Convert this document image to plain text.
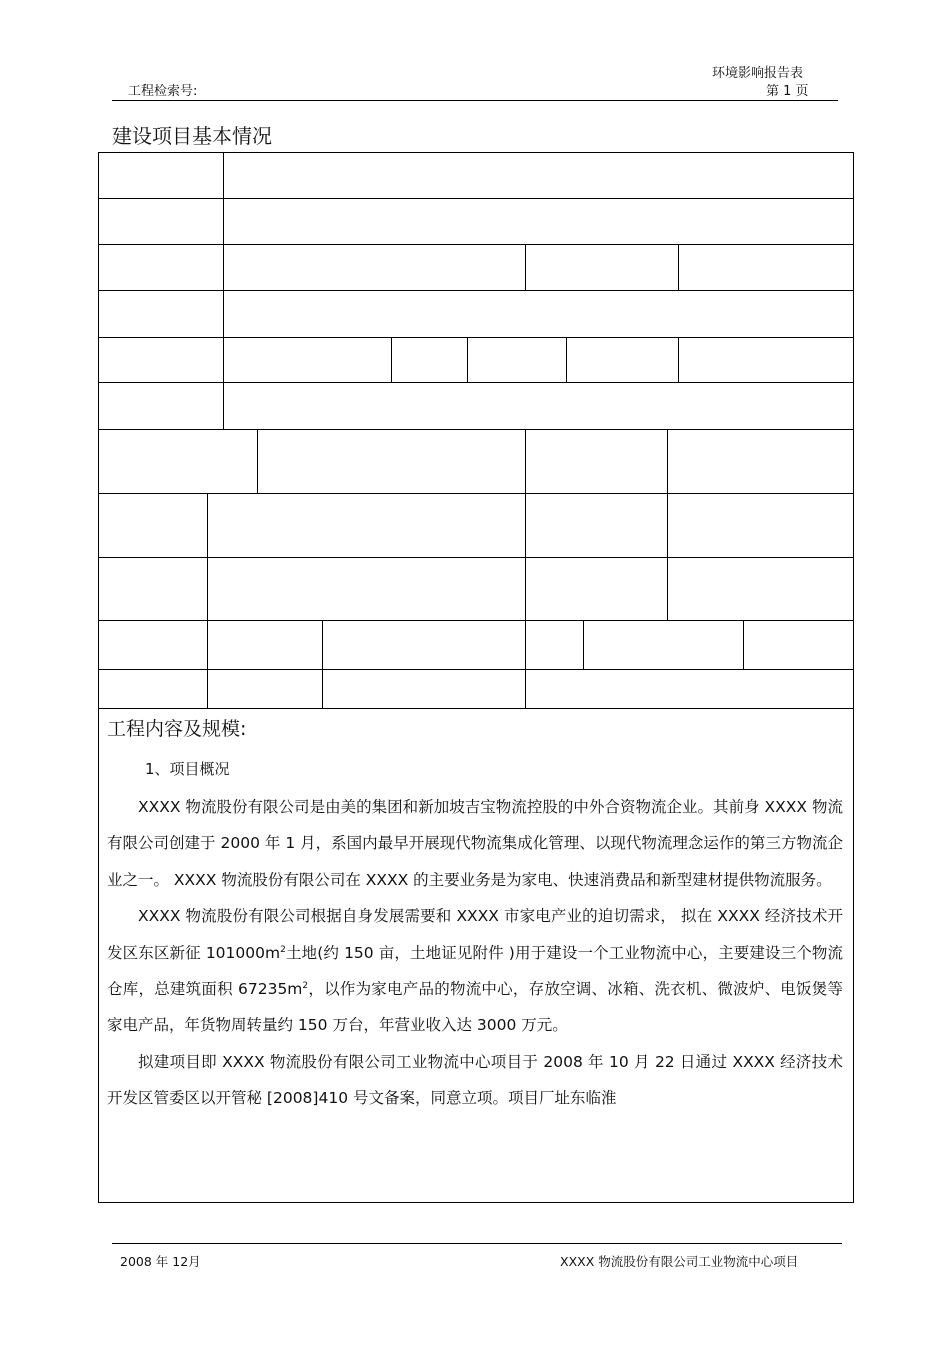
环境影响报告表
工程检索号:	第 1 页
建设项目基本情况
工程内容及规模:
1、项目概况

XXXX 物流股份有限公司是由美的集团和新加坡吉宝物流控股的中外合资物流企业。其前身 XXXX 物流有限公司创建于 2000 年 1 月，系国内最早开展现代物流集成化管理、以现代物流理念运作的第三方物流企业之一。 XXXX 物流股份有限公司在 XXXX 的主要业务是为家电、快速消费品和新型建材提供物流服务。

XXXX 物流股份有限公司根据自身发展需要和 XXXX 市家电产业的迫切需求， 拟在 XXXX 经济技术开发区东区新征 $101000m^2$土地(约 150 亩，土地证见附件 )用于建设一个工业物流中心，主要建设三个物流仓库，总建筑面积 $67235m^2$，以作为家电产品的物流中心，存放空调、冰箱、洗衣机、微波炉、电饭煲等家电产品，年货物周转量约 150 万台，年营业收入达 3000 万元。

拟建项目即 XXXX 物流股份有限公司工业物流中心项目于 2008 年 10 月 22 日通过 XXXX 经济技术开发区管委区以开管秘 [2008]410 号文备案，同意立项。项目厂址东临淮

2008 年 12月	XXXX 物流股份有限公司工业物流中心项目
